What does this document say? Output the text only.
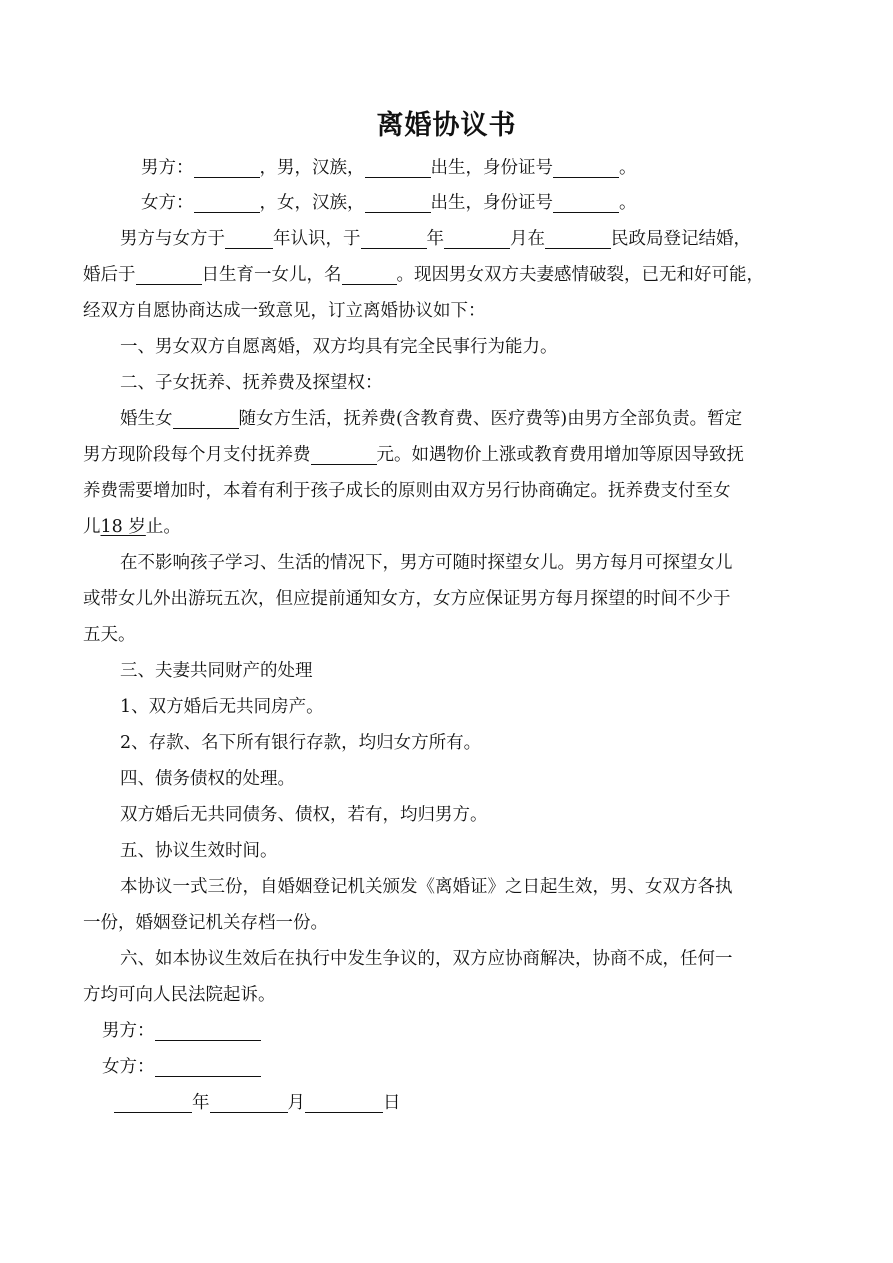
离婚协议书
男方：	，男，汉族，	出生，身份证号	。
女方：	，女，汉族，	出生，身份证号	。
男方与女方于	年认识，于	年	月在	民政局登记结婚，
婚后于	日生育一女儿，名	。现因男女双方夫妻感情破裂，已无和好可能，
经双方自愿协商达成一致意见，订立离婚协议如下：
一、男女双方自愿离婚，双方均具有完全民事行为能力。
二、子女抚养、抚养费及探望权：
婚生女	随女方生活，抚养费(含教育费、医疗费等)由男方全部负责。暂定
男方现阶段每个月支付抚养费	元。如遇物价上涨或教育费用增加等原因导致抚
养费需要增加时，本着有利于孩子成长的原则由双方另行协商确定。抚养费支付至女
儿18 岁止。
在不影响孩子学习、生活的情况下，男方可随时探望女儿。男方每月可探望女儿
或带女儿外出游玩五次，但应提前通知女方，女方应保证男方每月探望的时间不少于
五天。
三、夫妻共同财产的处理
1、双方婚后无共同房产。
2、存款、名下所有银行存款，均归女方所有。
四、债务债权的处理。
双方婚后无共同债务、债权，若有，均归男方。
五、协议生效时间。
本协议一式三份，自婚姻登记机关颁发《离婚证》之日起生效，男、女双方各执
一份，婚姻登记机关存档一份。
六、如本协议生效后在执行中发生争议的，双方应协商解决，协商不成，任何一
方均可向人民法院起诉。
男方：
女方：
年	月	日
